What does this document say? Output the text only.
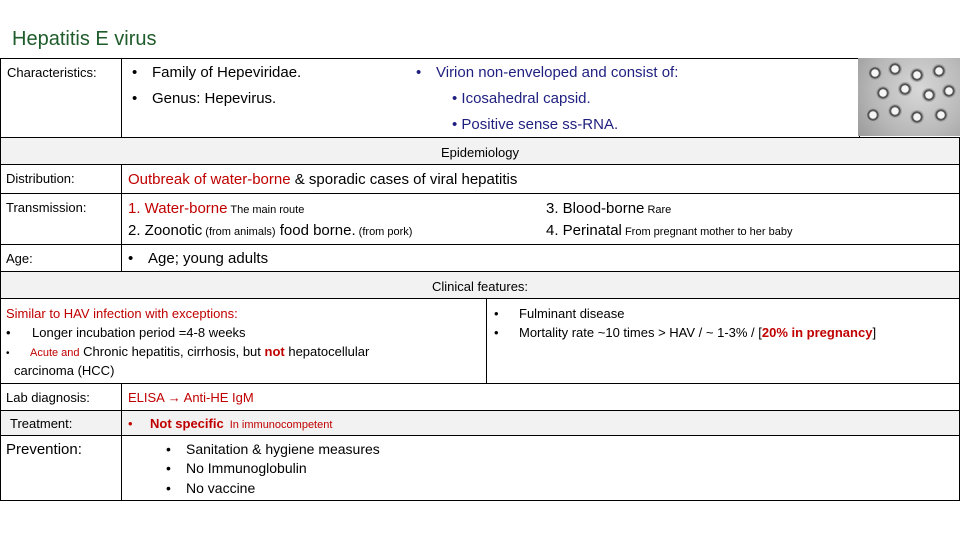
Hepatitis E virus
Characteristics:	• Family of Hepeviridae.
• Genus: Hepevirus.
• Virion non-enveloped and consist of:
• Icosahedral capsid.
• Positive sense ss-RNA.
Epidemiology
Distribution:	Outbreak of water-borne & sporadic cases of viral hepatitis
Transmission:	1. Water-borne The main route
2. Zoonotic (from animals) food borne. (from pork)
3. Blood-borne Rare
4. Perinatal From pregnant mother to her baby
Age:	• Age; young adults
Clinical features:
Similar to HAV infection with exceptions:
• Longer incubation period =4-8 weeks
• Acute and Chronic hepatitis, cirrhosis, but not hepatocellular
carcinoma (HCC)
• Fulminant disease
• Mortality rate ~10 times > HAV / ~ 1-3% / [20% in pregnancy]
Lab diagnosis:	ELISA → Anti-HE IgM
Treatment:	• Not specific In immunocompetent
Prevention: •	Sanitation & hygiene measures
• No Immunoglobulin
• No vaccine
